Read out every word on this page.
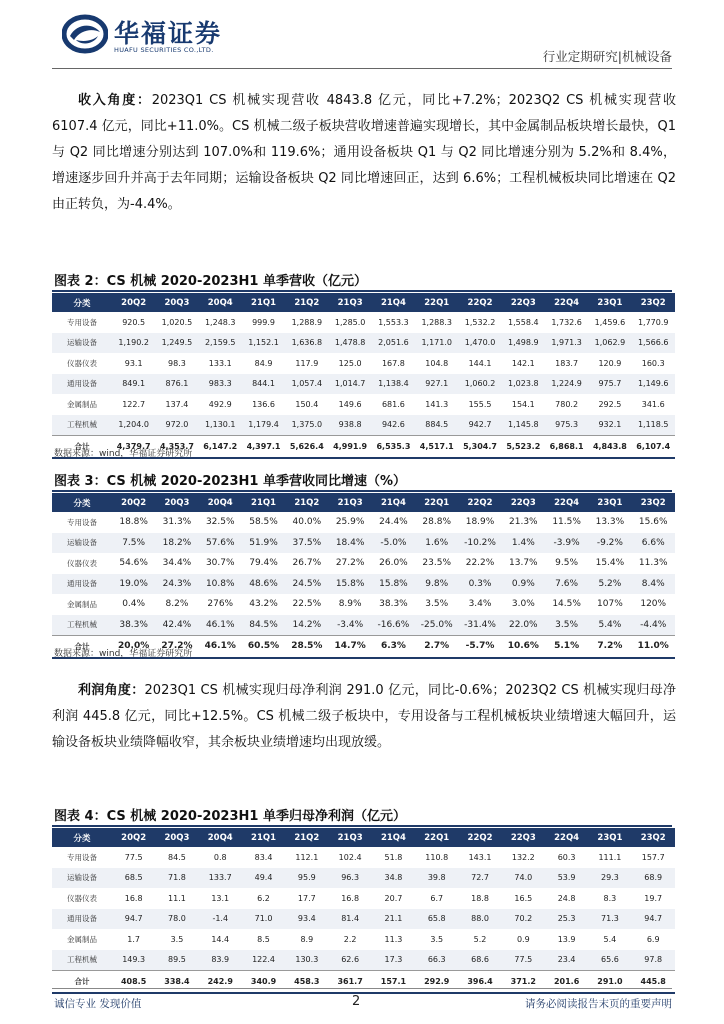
华福证券
HUAFU SECURITIES CO.,LTD.	行业定期研究|机械设备
收入角度：2023Q1 CS 机械实现营收 4843.8 亿元，同比+7.2%；2023Q2 CS 机械实现营收 6107.4 亿元，同比+11.0%。CS 机械二级子板块营收增速普遍实现增长，其中金属制品板块增长最快，Q1 与 Q2 同比增速分别达到 107.0%和 119.6%；通用设备板块 Q1 与 Q2 同比增速分别为 5.2%和 8.4%，增速逐步回升并高于去年同期；运输设备板块 Q2 同比增速回正，达到 6.6%；工程机械板块同比增速在 Q2 由正转负，为-4.4%。
图表 2：CS 机械 2020-2023H1 单季营收（亿元）
分类	20Q2	20Q3	20Q4	21Q1	21Q2	21Q3	21Q4	22Q1	22Q2	22Q3	22Q4	23Q1	23Q2
专用设备	920.5	1,020.5	1,248.3	999.9	1,288.9	1,285.0	1,553.3	1,288.3	1,532.2	1,558.4	1,732.6	1,459.6	1,770.9
运输设备	1,190.2	1,249.5	2,159.5	1,152.1	1,636.8	1,478.8	2,051.6	1,171.0	1,470.0	1,498.9	1,971.3	1,062.9	1,566.6
仪器仪表	93.1	98.3	133.1	84.9	117.9	125.0	167.8	104.8	144.1	142.1	183.7	120.9	160.3
通用设备	849.1	876.1	983.3	844.1	1,057.4	1,014.7	1,138.4	927.1	1,060.2	1,023.8	1,224.9	975.7	1,149.6
金属制品	122.7	137.4	492.9	136.6	150.4	149.6	681.6	141.3	155.5	154.1	780.2	292.5	341.6
工程机械	1,204.0	972.0	1,130.1	1,179.4	1,375.0	938.8	942.6	884.5	942.7	1,145.8	975.3	932.1	1,118.5
合计	4,379.7	4,353.7	6,147.2	4,397.1	5,626.4	4,991.9	6,535.3	4,517.1	5,304.7	5,523.2	6,868.1	4,843.8	6,107.4
数据来源：wind，华福证券研究所
图表 3：CS 机械 2020-2023H1 单季营收同比增速（%）
分类	20Q2	20Q3	20Q4	21Q1	21Q2	21Q3	21Q4	22Q1	22Q2	22Q3	22Q4	23Q1	23Q2
专用设备	18.8%	31.3%	32.5%	58.5%	40.0%	25.9%	24.4%	28.8%	18.9%	21.3%	11.5%	13.3%	15.6%
运输设备	7.5%	18.2%	57.6%	51.9%	37.5%	18.4%	-5.0%	1.6%	-10.2%	1.4%	-3.9%	-9.2%	6.6%
仪器仪表	54.6%	34.4%	30.7%	79.4%	26.7%	27.2%	26.0%	23.5%	22.2%	13.7%	9.5%	15.4%	11.3%
通用设备	19.0%	24.3%	10.8%	48.6%	24.5%	15.8%	15.8%	9.8%	0.3%	0.9%	7.6%	5.2%	8.4%
金属制品	0.4%	8.2%	276%	43.2%	22.5%	8.9%	38.3%	3.5%	3.4%	3.0%	14.5%	107%	120%
工程机械	38.3%	42.4%	46.1%	84.5%	14.2%	-3.4%	-16.6%	-25.0%	-31.4%	22.0%	3.5%	5.4%	-4.4%
合计	20.0%	27.2%	46.1%	60.5%	28.5%	14.7%	6.3%	2.7%	-5.7%	10.6%	5.1%	7.2%	11.0%
数据来源：wind，华福证券研究所
利润角度：2023Q1 CS 机械实现归母净利润 291.0 亿元，同比-0.6%；2023Q2 CS 机械实现归母净利润 445.8 亿元，同比+12.5%。CS 机械二级子板块中，专用设备与工程机械板块业绩增速大幅回升，运输设备板块业绩降幅收窄，其余板块业绩增速均出现放缓。
图表 4：CS 机械 2020-2023H1 单季归母净利润（亿元）
分类	20Q2	20Q3	20Q4	21Q1	21Q2	21Q3	21Q4	22Q1	22Q2	22Q3	22Q4	23Q1	23Q2
专用设备	77.5	84.5	0.8	83.4	112.1	102.4	51.8	110.8	143.1	132.2	60.3	111.1	157.7
运输设备	68.5	71.8	133.7	49.4	95.9	96.3	34.8	39.8	72.7	74.0	53.9	29.3	68.9
仪器仪表	16.8	11.1	13.1	6.2	17.7	16.8	20.7	6.7	18.8	16.5	24.8	8.3	19.7
通用设备	94.7	78.0	-1.4	71.0	93.4	81.4	21.1	65.8	88.0	70.2	25.3	71.3	94.7
金属制品	1.7	3.5	14.4	8.5	8.9	2.2	11.3	3.5	5.2	0.9	13.9	5.4	6.9
工程机械	149.3	89.5	83.9	122.4	130.3	62.6	17.3	66.3	68.6	77.5	23.4	65.6	97.8
合计	408.5	338.4	242.9	340.9	458.3	361.7	157.1	292.9	396.4	371.2	201.6	291.0	445.8
诚信专业 发现价值	2	请务必阅读报告末页的重要声明
